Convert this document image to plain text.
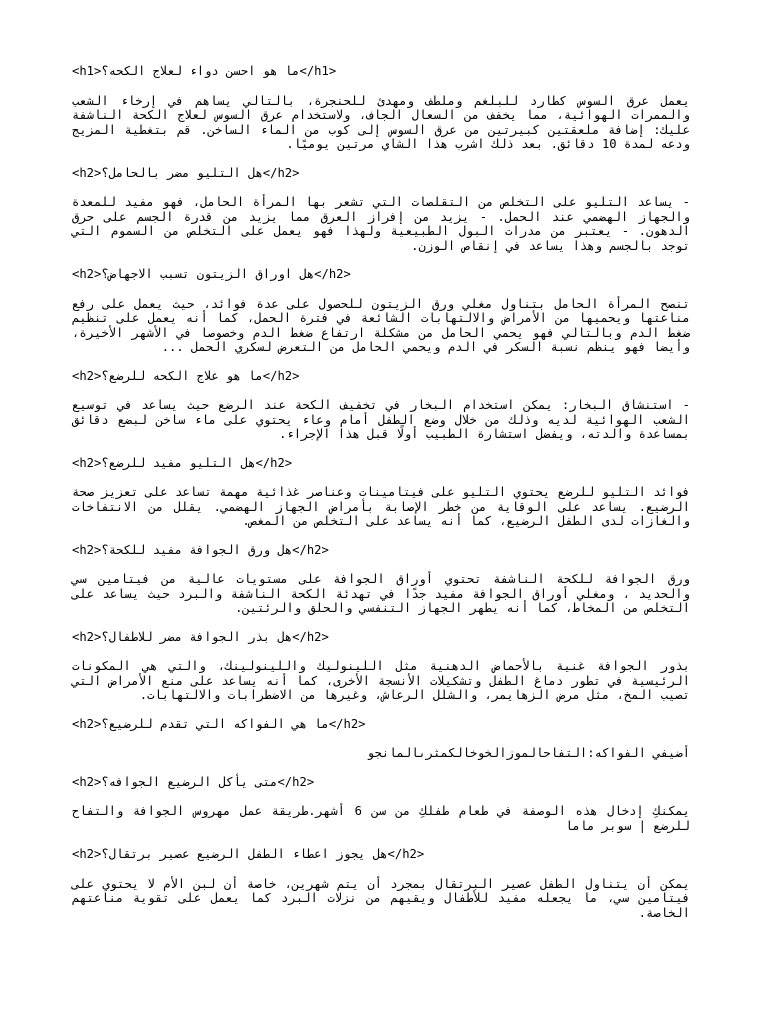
<h1>ما هو احسن دواء لعلاج الكحه؟</h1>
يعمل عرق السوس كطارد للبلغم وملطف ومهدئ للحنجرة، بالتالي يساهم في إرخاء الشعب والممرات الهوائية، مما يخفف من السعال الجاف، ولاستخدام عرق السوس لعلاج الكحة الناشفة عليك: إضافة ملعقتين كبيرتين من عرق السوس إلى كوب من الماء الساخن. قم بتغطية المزيج ودعه لمدة 10 دقائق. بعد ذلك اشرب هذا الشاي مرتين يوميًا.
<h2>هل التليو مضر بالحامل؟</h2>
- يساعد التليو على التخلص من التقلصات التي تشعر بها المرأة الحامل، فهو مفيد للمعدة والجهاز الهضمي عند الحمل. - يزيد من إفراز العرق مما يزيد من قدرة الجسم على حرق الدهون. - يعتبر من مدرات البول الطبيعية ولهذا فهو يعمل على التخلص من السموم التي توجد بالجسم وهذا يساعد في إنقاص الوزن.
<h2>هل اوراق الزيتون تسبب الاجهاض؟</h2>
تنصح المرأة الحامل بتناول مغلي ورق الزيتون للحصول على عدة فوائد، حيث يعمل على رفع مناعتها ويحميها من الأمراض والالتهابات الشائعة في فترة الحمل، كما أنه يعمل على تنظيم ضغط الدم وبالتالي فهو يحمي الحامل من مشكلة ارتفاع ضغط الدم وخصوصا في الأشهر الأخيرة، وأيضا فهو ينظم نسبة السكر في الدم ويحمي الحامل من التعرض لسكري الحمل ...
<h2>ما هو علاج الكحه للرضع؟</h2>
- استنشاق البخار: يمكن استخدام البخار في تخفيف الكحة عند الرضع حيث يساعد في توسيع الشعب الهوائية لديه وذلك من خلال وضع الطفل أمام وعاء يحتوي على ماء ساخن لبضع دقائق بمساعدة والدته، ويفضل استشارة الطبيب أولًا قبل هذا الإجراء.
<h2>هل التليو مفيد للرضع؟</h2>
فوائد التليو للرضع يحتوي التليو على فيتامينات وعناصر غذائية مهمة تساعد على تعزيز صحة الرضيع. يساعد على الوقاية من خطر الإصابة بأمراض الجهاز الهضمي. يقلل من الانتفاخات والغازات لدى الطفل الرضيع، كما أنه يساعد على التخلص من المغص.
<h2>هل ورق الجوافة مفيد للكحة؟</h2>
ورق الجوافة للكحة الناشفة تحتوي أوراق الجوافة على مستويات عالية من فيتامين سي والحديد ، ومغلي أوراق الجوافة مفيد جدًا في تهدئة الكحة الناشفة والبرد حيث يساعد على التخلص من المخاط، كما أنه يطهر الجهاز التنفسي والحلق والرئتين.
<h2>هل بذر الجوافة مضر للاطفال؟</h2>
بذور الجوافة غنية بالأحماض الدهنية مثل اللينوليك واللينولينك، والتي هي المكونات الرئيسية في تطور دماغ الطفل وتشكيلات الأنسجة الأخرى، كما أنه يساعد على منع الأمراض التي تصيب المخ، مثل مرض الزهايمر، والشلل الرعاش، وغيرها من الاضطرابات والالتهابات.
<h2>ما هي الفواكه التي تقدم للرضيع؟</h2>
أضيفي الفواكه:التفاحالموزالخوخالكمثرىالمانجو
<h2>متى يأكل الرضيع الجوافه؟</h2>
يمكنكِ إدخال هذه الوصفة في طعام طفلكِ من سن 6 أشهر.طريقة عمل مهروس الجوافة والتفاح للرضع | سوبر ماما
<h2>هل يجوز اعطاء الطفل الرضيع عصير برتقال؟</h2>
يمكن أن يتناول الطفل عصير البرتقال بمجرد أن يتم شهرين، خاصة أن لبن الأم لا يحتوي على فيتامين سي، ما يجعله مفيد للأطفال ويقيهم من نزلات البرد كما يعمل على تقوية مناعتهم الخاصة.
